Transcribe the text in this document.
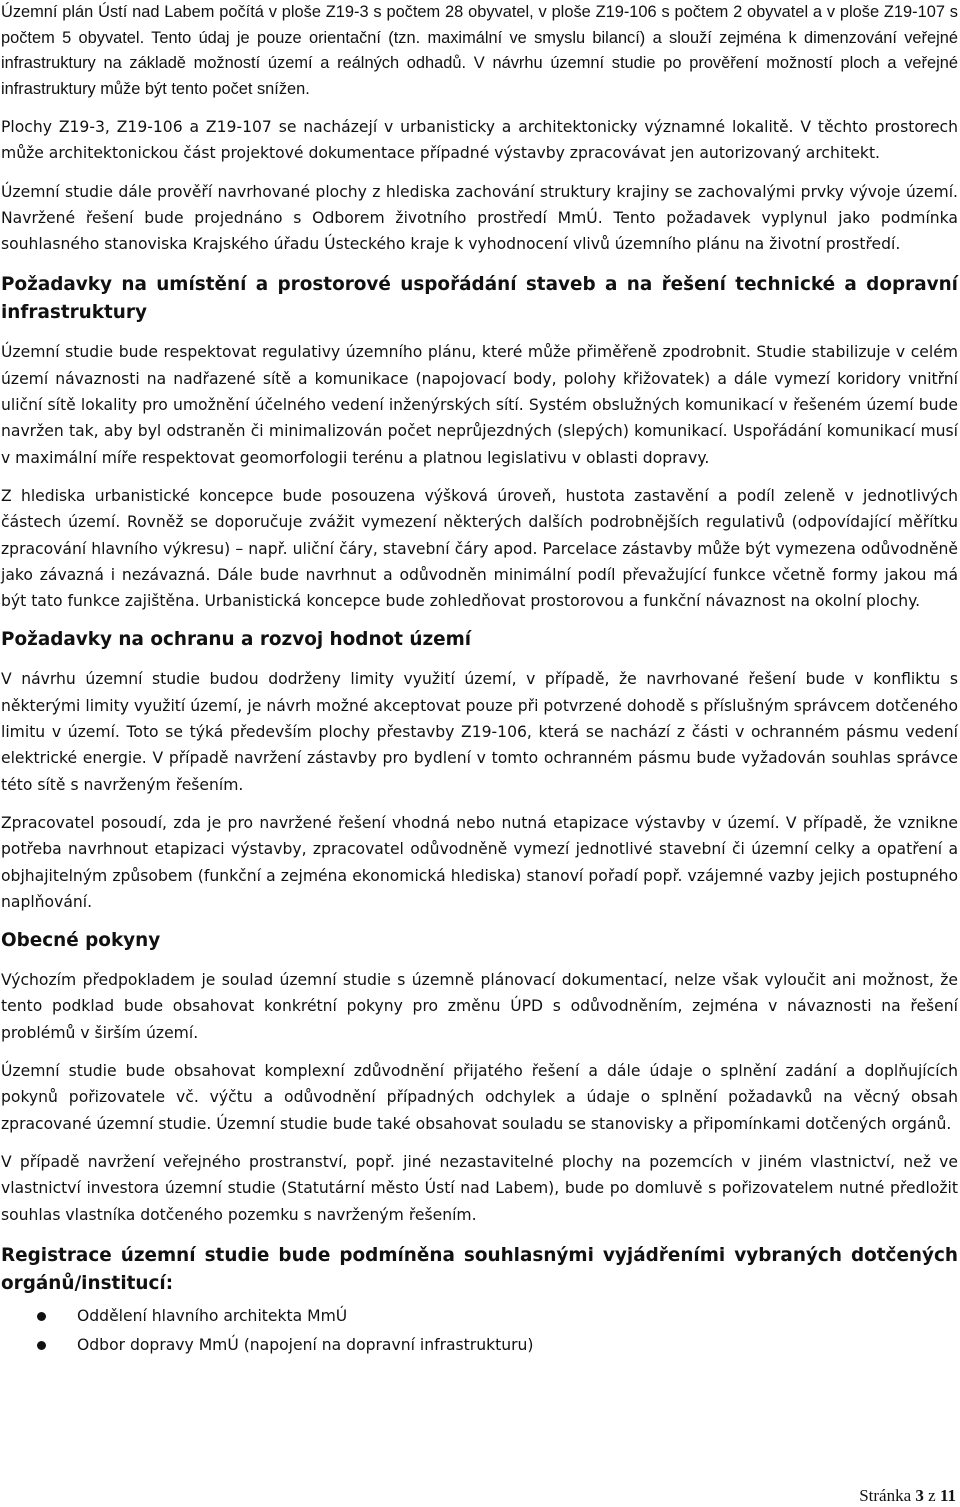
Územní plán Ústí nad Labem počítá v ploše Z19-3 s počtem 28 obyvatel, v ploše Z19-106 s počtem 2 obyvatel a v ploše Z19-107 s počtem 5 obyvatel. Tento údaj je pouze orientační (tzn. maximální ve smyslu bilancí) a slouží zejména k dimenzování veřejné infrastruktury na základě možností území a reálných odhadů. V návrhu územní studie po prověření možností ploch a veřejné infrastruktury může být tento počet snížen.

Plochy Z19-3, Z19-106 a Z19-107 se nacházejí v urbanisticky a architektonicky významné lokalitě. V těchto prostorech může architektonickou část projektové dokumentace případné výstavby zpracovávat jen autorizovaný architekt.

Územní studie dále prověří navrhované plochy z hlediska zachování struktury krajiny se zachovalými prvky vývoje území. Navržené řešení bude projednáno s Odborem životního prostředí MmÚ. Tento požadavek vyplynul jako podmínka souhlasného stanoviska Krajského úřadu Ústeckého kraje k vyhodnocení vlivů územního plánu na životní prostředí.

Požadavky na umístění a prostorové uspořádání staveb a na řešení technické a dopravní infrastruktury

Územní studie bude respektovat regulativy územního plánu, které může přiměřeně zpodrobnit. Studie stabilizuje v celém území návaznosti na nadřazené sítě a komunikace (napojovací body, polohy křižovatek) a dále vymezí koridory vnitřní uliční sítě lokality pro umožnění účelného vedení inženýrských sítí. Systém obslužných komunikací v řešeném území bude navržen tak, aby byl odstraněn či minimalizován počet neprůjezdných (slepých) komunikací. Uspořádání komunikací musí v maximální míře respektovat geomorfologii terénu a platnou legislativu v oblasti dopravy.

Z hlediska urbanistické koncepce bude posouzena výšková úroveň, hustota zastavění a podíl zeleně v jednotlivých částech území. Rovněž se doporučuje zvážit vymezení některých dalších podrobnějších regulativů (odpovídající měřítku zpracování hlavního výkresu) – např. uliční čáry, stavební čáry apod. Parcelace zástavby může být vymezena odůvodněně jako závazná i nezávazná. Dále bude navrhnut a odůvodněn minimální podíl převažující funkce včetně formy jakou má být tato funkce zajištěna. Urbanistická koncepce bude zohledňovat prostorovou a funkční návaznost na okolní plochy.

Požadavky na ochranu a rozvoj hodnot území

V návrhu územní studie budou dodrženy limity využití území, v případě, že navrhované řešení bude v konfliktu s některými limity využití území, je návrh možné akceptovat pouze při potvrzené dohodě s příslušným správcem dotčeného limitu v území. Toto se týká především plochy přestavby Z19-106, která se nachází z části v ochranném pásmu vedení elektrické energie. V případě navržení zástavby pro bydlení v tomto ochranném pásmu bude vyžadován souhlas správce této sítě s navrženým řešením.

Zpracovatel posoudí, zda je pro navržené řešení vhodná nebo nutná etapizace výstavby v území. V případě, že vznikne potřeba navrhnout etapizaci výstavby, zpracovatel odůvodněně vymezí jednotlivé stavební či územní celky a opatření a objhajitelným způsobem (funkční a zejména ekonomická hlediska) stanoví pořadí popř. vzájemné vazby jejich postupného naplňování.

Obecné pokyny

Výchozím předpokladem je soulad územní studie s územně plánovací dokumentací, nelze však vyloučit ani možnost, že tento podklad bude obsahovat konkrétní pokyny pro změnu ÚPD s odůvodněním, zejména v návaznosti na řešení problémů v širším území.

Územní studie bude obsahovat komplexní zdůvodnění přijatého řešení a dále údaje o splnění zadání a doplňujících pokynů pořizovatele vč. výčtu a odůvodnění případných odchylek a údaje o splnění požadavků na věcný obsah zpracované územní studie. Územní studie bude také obsahovat souladu se stanovisky a připomínkami dotčených orgánů.

V případě navržení veřejného prostranství, popř. jiné nezastavitelné plochy na pozemcích v jiném vlastnictví, než ve vlastnictví investora územní studie (Statutární město Ústí nad Labem), bude po domluvě s pořizovatelem nutné předložit souhlas vlastníka dotčeného pozemku s navrženým řešením.

Registrace územní studie bude podmíněna souhlasnými vyjádřeními vybraných dotčených orgánů/institucí:
Oddělení hlavního architekta MmÚ
Odbor dopravy MmÚ (napojení na dopravní infrastrukturu)
Stránka 3 z 11
